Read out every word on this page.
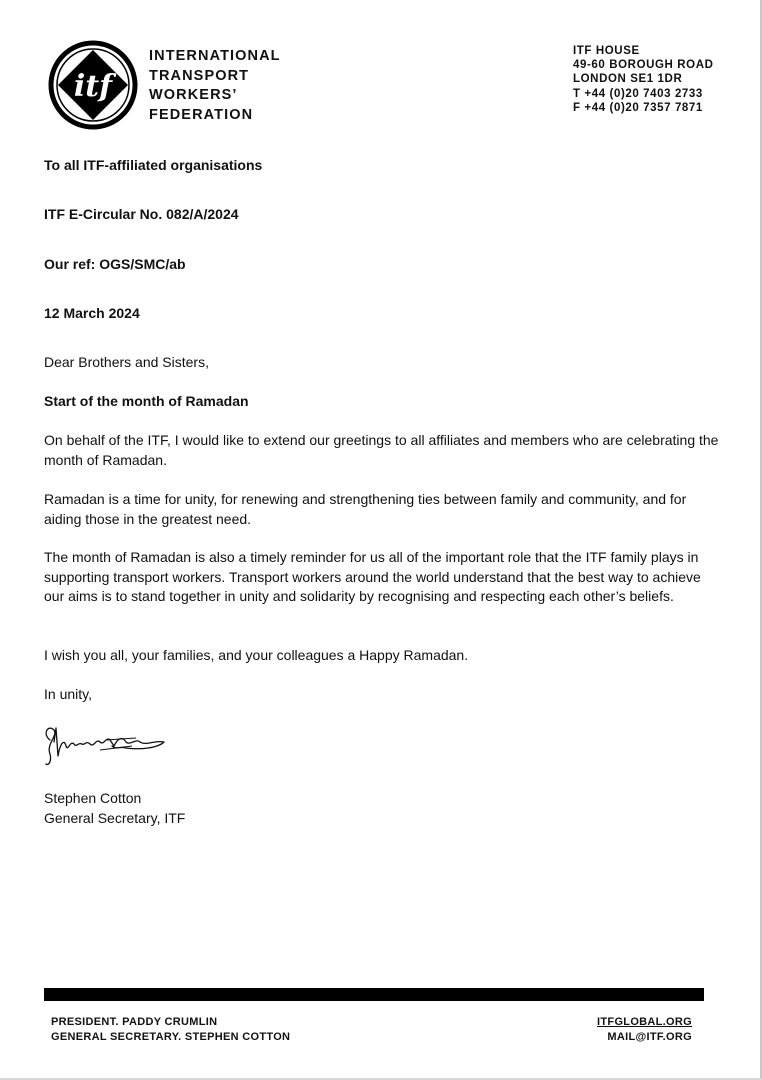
itf
INTERNATIONAL
TRANSPORT
WORKERS’
FEDERATION
ITF HOUSE
49-60 BOROUGH ROAD
LONDON SE1 1DR
T +44 (0)20 7403 2733
F +44 (0)20 7357 7871
To all ITF-affiliated organisations
ITF E-Circular No. 082/A/2024
Our ref: OGS/SMC/ab
12 March 2024
Dear Brothers and Sisters,
Start of the month of Ramadan
On behalf of the ITF, I would like to extend our greetings to all affiliates and members who are celebrating the month of Ramadan.
Ramadan is a time for unity, for renewing and strengthening ties between family and community, and for aiding those in the greatest need.
The month of Ramadan is also a timely reminder for us all of the important role that the ITF family plays in supporting transport workers. Transport workers around the world understand that the best way to achieve our aims is to stand together in unity and solidarity by recognising and respecting each other’s beliefs.
I wish you all, your families, and your colleagues a Happy Ramadan.
In unity,
Stephen Cotton
General Secretary, ITF
PRESIDENT. PADDY CRUMLIN
GENERAL SECRETARY. STEPHEN COTTON
ITFGLOBAL.ORG
MAIL@ITF.ORG
